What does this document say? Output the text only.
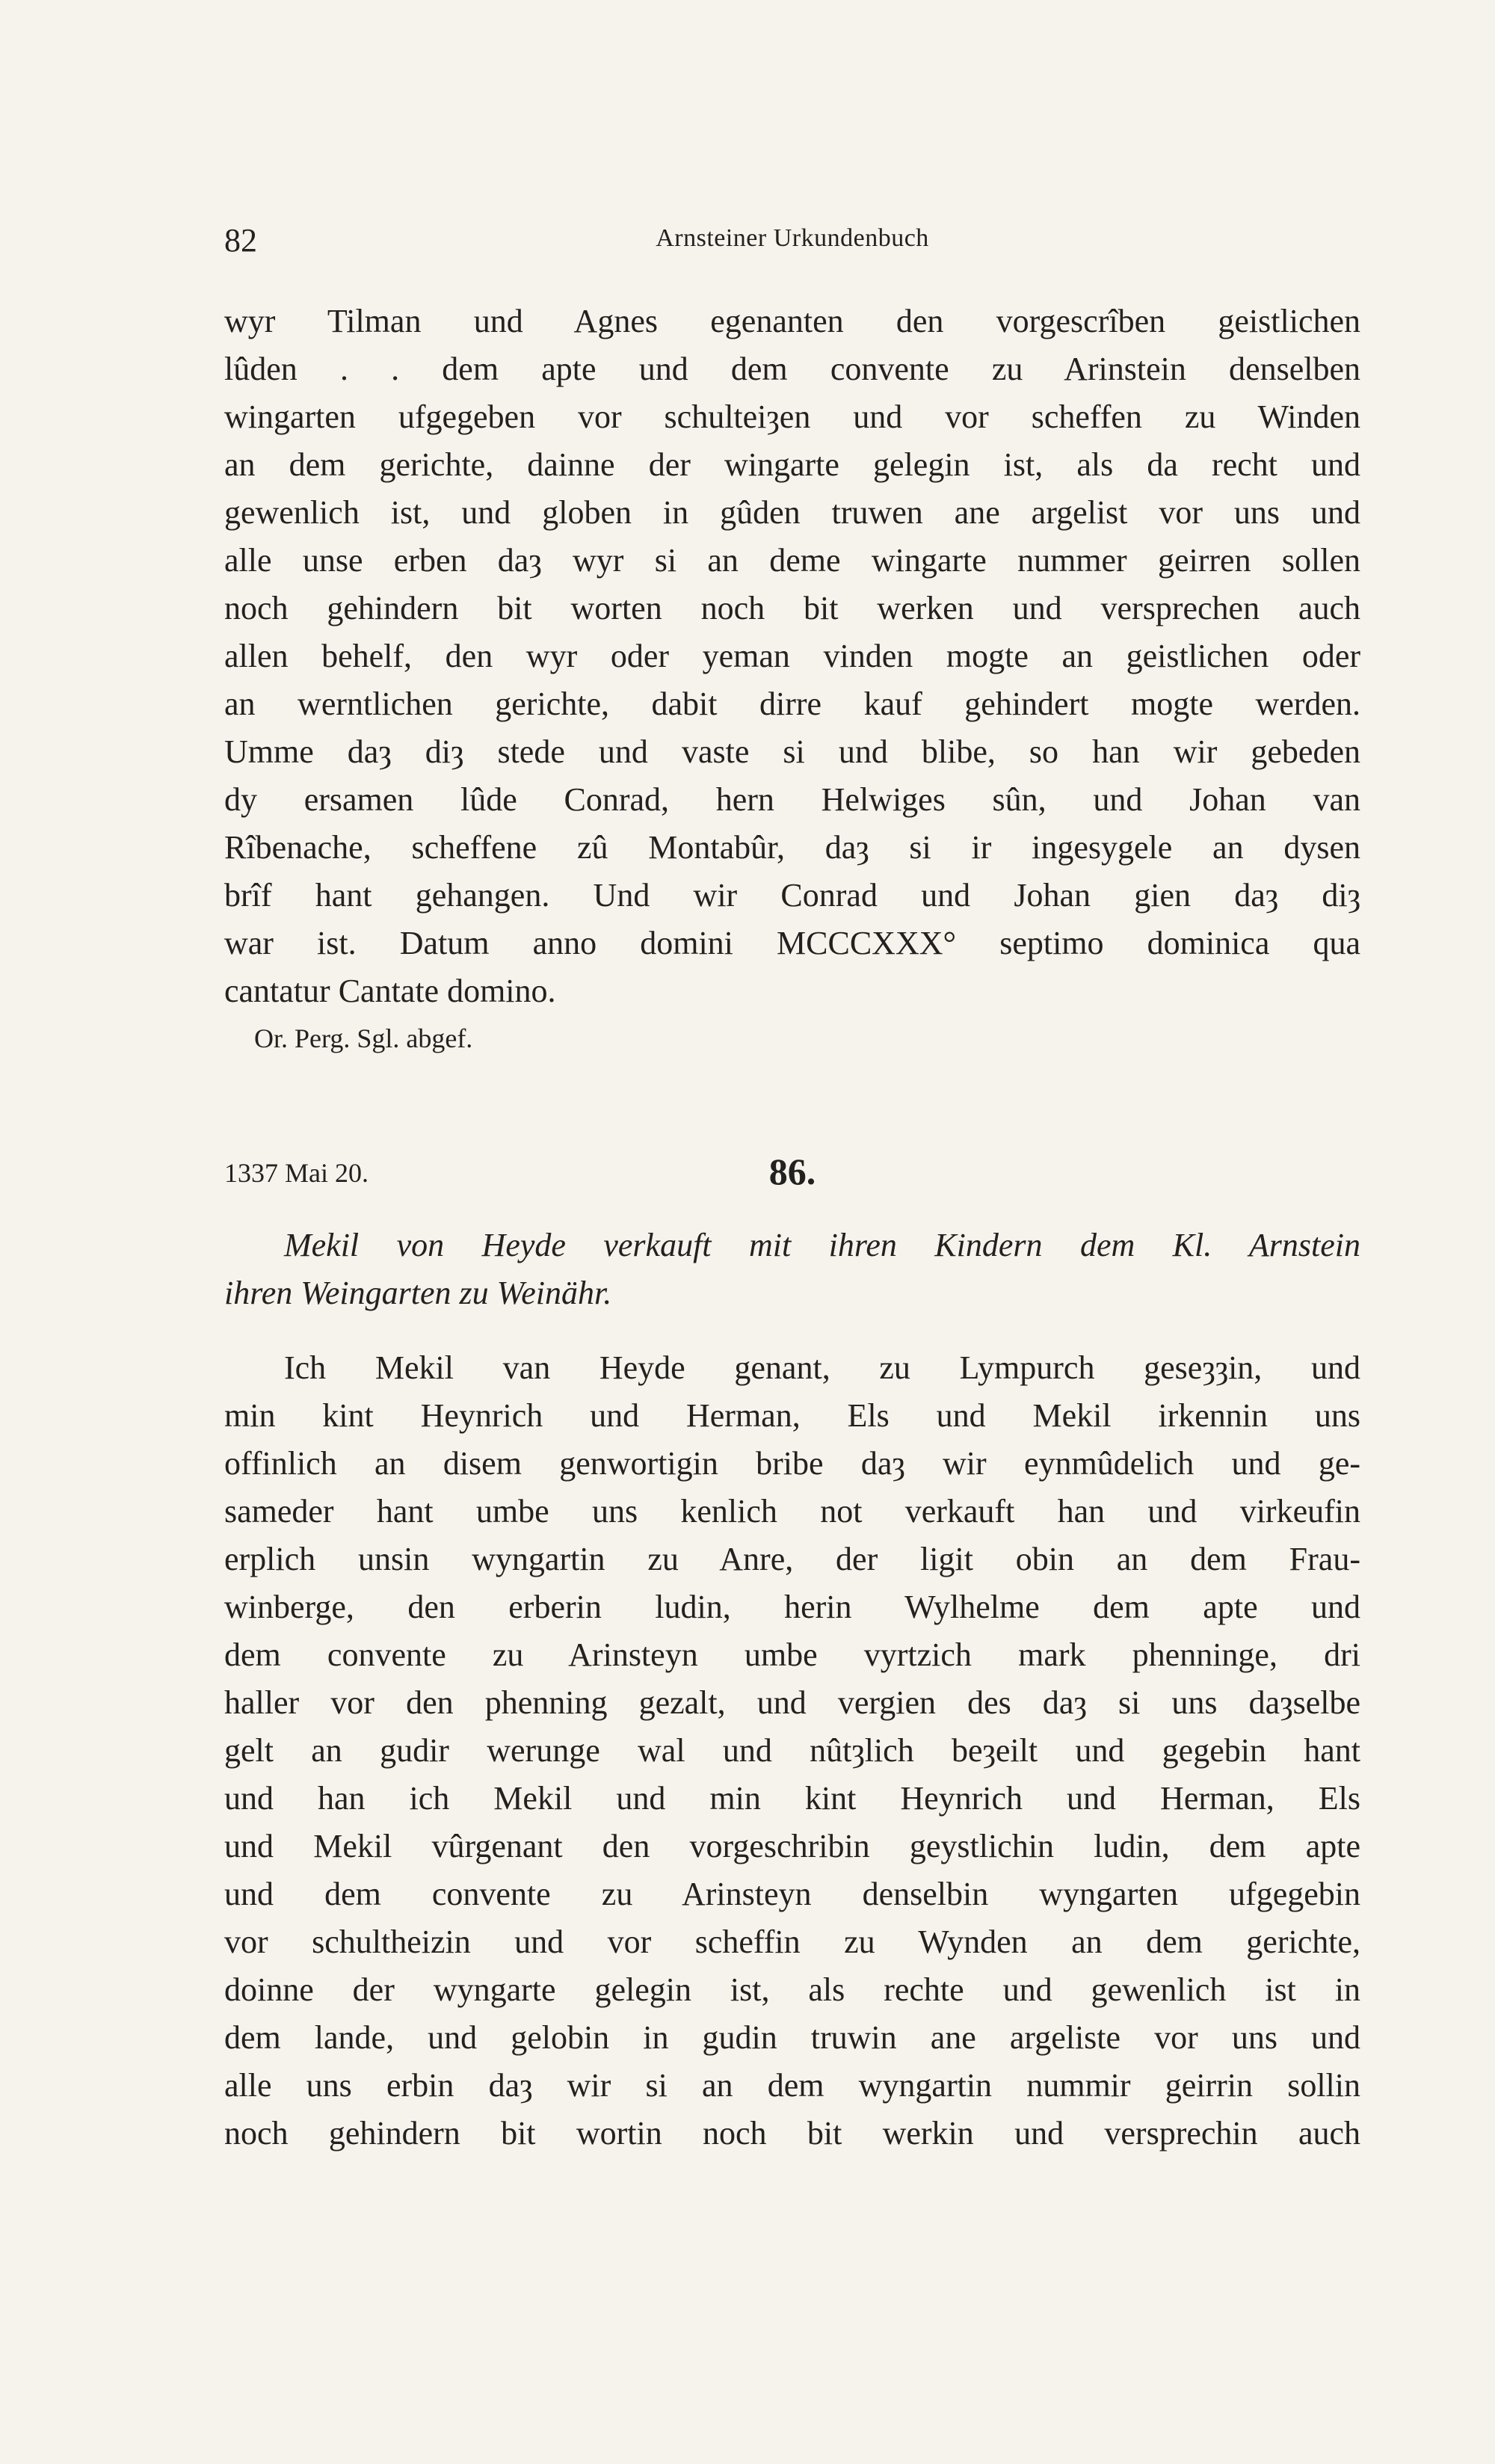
82	Arnsteiner Urkundenbuch
wyr Tilman und Agnes egenanten den vorgescrîben geistlichen
lûden . . dem apte und dem convente zu Arinstein denselben
wingarten ufgegeben vor schulteiȝen und vor scheffen zu Winden
an dem gerichte, dainne der wingarte gelegin ist, als da recht und
gewenlich ist, und globen in gûden truwen ane argelist vor uns und
alle unse erben daȝ wyr si an deme wingarte nummer geirren sollen
noch gehindern bit worten noch bit werken und versprechen auch
allen behelf, den wyr oder yeman vinden mogte an geistlichen oder
an werntlichen gerichte, dabit dirre kauf gehindert mogte werden.
Umme daȝ diȝ stede und vaste si und blibe, so han wir gebeden
dy ersamen lûde Conrad, hern Helwiges sûn, und Johan van
Rîbenache, scheffene zû Montabûr, daȝ si ir ingesygele an dysen
brîf hant gehangen. Und wir Conrad und Johan gien daȝ diȝ
war ist. Datum anno domini MCCCXXX° septimo dominica qua
cantatur Cantate domino.
Or. Perg. Sgl. abgef.
1337 Mai 20.	86.
Mekil von Heyde verkauft mit ihren Kindern dem Kl. Arnstein
ihren Weingarten zu Weinähr.
Ich Mekil van Heyde genant, zu Lympurch geseȝȝin, und
min kint Heynrich und Herman, Els und Mekil irkennin uns
offinlich an disem genwortigin bribe daȝ wir eynmûdelich und ge-
sameder hant umbe uns kenlich not verkauft han und virkeufin
erplich unsin wyngartin zu Anre, der ligit obin an dem Frau-
winberge, den erberin ludin, herin Wylhelme dem apte und
dem convente zu Arinsteyn umbe vyrtzich mark phenninge, dri
haller vor den phenning gezalt, und vergien des daȝ si uns daȝselbe
gelt an gudir werunge wal und nûtȝlich beȝeilt und gegebin hant
und han ich Mekil und min kint Heynrich und Herman, Els
und Mekil vûrgenant den vorgeschribin geystlichin ludin, dem apte
und dem convente zu Arinsteyn denselbin wyngarten ufgegebin
vor schultheizin und vor scheffin zu Wynden an dem gerichte,
doinne der wyngarte gelegin ist, als rechte und gewenlich ist in
dem lande, und gelobin in gudin truwin ane argeliste vor uns und
alle uns erbin daȝ wir si an dem wyngartin nummir geirrin sollin
noch gehindern bit wortin noch bit werkin und versprechin auch
